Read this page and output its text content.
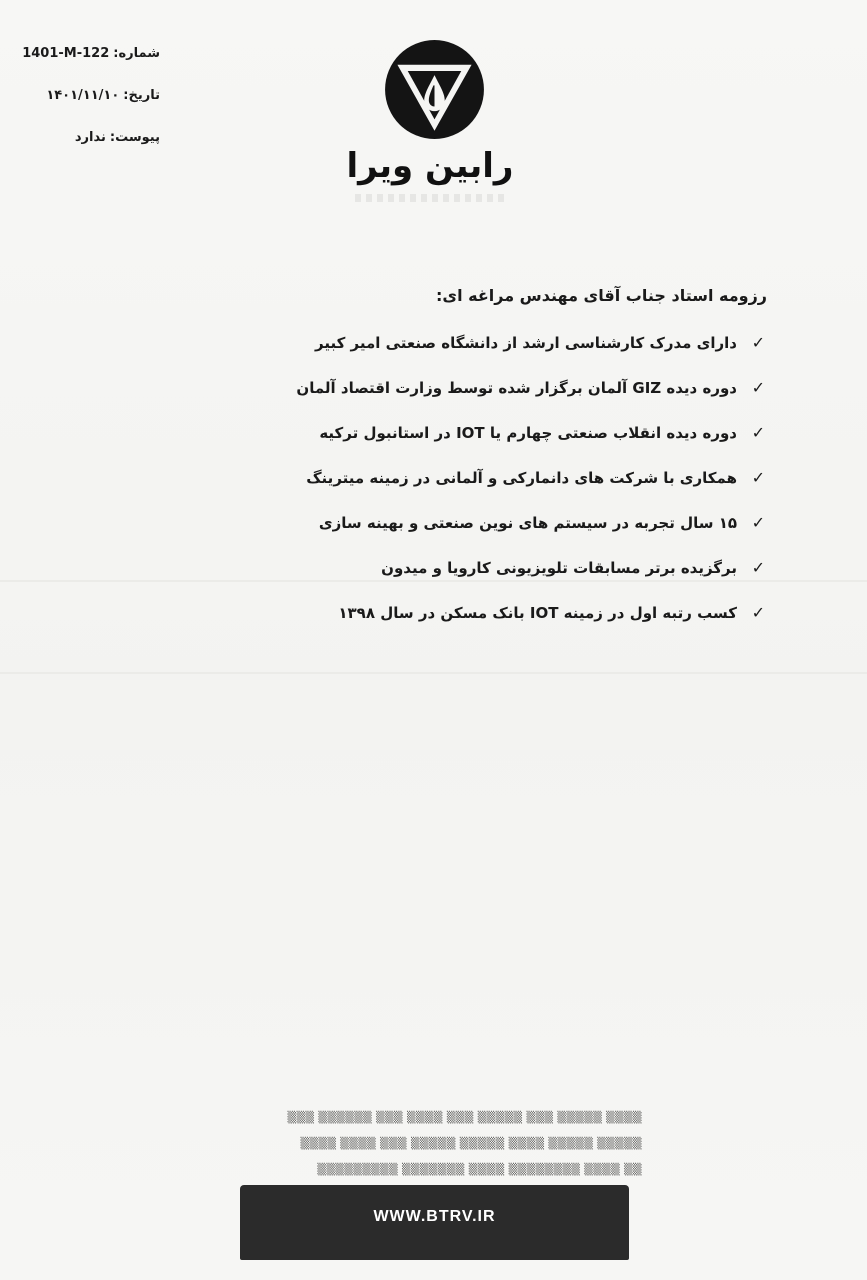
شماره:1401-M-122
تاریخ:۱۴۰۱/۱۱/۱۰
پیوست:ندارد
رابین ویرا
رزومه استاد جناب آقای مهندس مراغه ای:
✓دارای مدرک کارشناسی ارشد از دانشگاه صنعتی امیر کبیر
✓دوره دیده GIZ آلمان برگزار شده توسط وزارت اقتصاد آلمان
✓دوره دیده انقلاب صنعتی چهارم یا IOT در استانبول ترکیه
✓همکاری با شرکت های دانمارکی و آلمانی در زمینه میترینگ
✓۱۵ سال تجربه در سیستم های نوین صنعتی و بهینه سازی
✓برگزیده برتر مسابقات تلویزیونی کارویا و میدون
✓کسب رتبه اول در زمینه IOT بانک مسکن در سال ۱۳۹۸
▒▒▒▒ ▒▒▒▒▒ ▒▒▒ ▒▒▒▒▒ ▒▒▒ ▒▒▒▒ ▒▒▒ ▒▒▒▒▒▒ ▒▒▒
▒▒▒▒▒ ▒▒▒▒▒ ▒▒▒▒ ▒▒▒▒▒ ▒▒▒▒▒ ▒▒▒ ▒▒▒▒ ▒▒▒▒
▒▒ ▒▒▒▒ ▒▒▒▒▒▒▒▒ ▒▒▒▒ ▒▒▒▒▒▒▒ ▒▒▒▒▒▒▒▒▒
WWW.BTRV.IR
